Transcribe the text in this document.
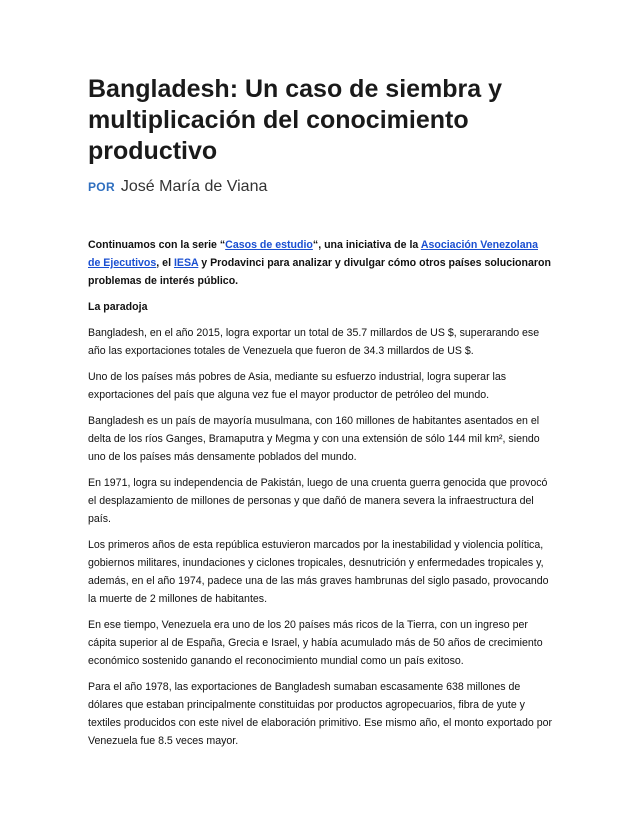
Bangladesh: Un caso de siembra y multiplicación del conocimiento productivo
POR José María de Viana

Continuamos con la serie “Casos de estudio“, una iniciativa de la Asociación Venezolana de Ejecutivos, el IESA y Prodavinci para analizar y divulgar cómo otros países solucionaron problemas de interés público.

La paradoja

Bangladesh, en el año 2015, logra exportar un total de 35.7 millardos de US $, superarando ese año las exportaciones totales de Venezuela que fueron de 34.3 millardos de US $.

Uno de los países más pobres de Asia, mediante su esfuerzo industrial, logra superar las exportaciones del país que alguna vez fue el mayor productor de petróleo del mundo.

Bangladesh es un país de mayoría musulmana, con 160 millones de habitantes asentados en el delta de los ríos Ganges, Bramaputra y Megma y con una extensión de sólo 144 mil km², siendo uno de los países más densamente poblados del mundo.

En 1971, logra su independencia de Pakistán, luego de una cruenta guerra genocida que provocó el desplazamiento de millones de personas y que dañó de manera severa la infraestructura del país.

Los primeros años de esta república estuvieron marcados por la inestabilidad y violencia política, gobiernos militares, inundaciones y ciclones tropicales, desnutrición y enfermedades tropicales y, además, en el año 1974, padece una de las más graves hambrunas del siglo pasado, provocando la muerte de 2 millones de habitantes.

En ese tiempo, Venezuela era uno de los 20 países más ricos de la Tierra, con un ingreso per cápita superior al de España, Grecia e Israel, y había acumulado más de 50 años de crecimiento económico sostenido ganando el reconocimiento mundial como un país exitoso.

Para el año 1978, las exportaciones de Bangladesh sumaban escasamente 638 millones de dólares que estaban principalmente constituidas por productos agropecuarios, fibra de yute y textiles producidos con este nivel de elaboración primitivo. Ese mismo año, el monto exportado por Venezuela fue 8.5 veces mayor.
